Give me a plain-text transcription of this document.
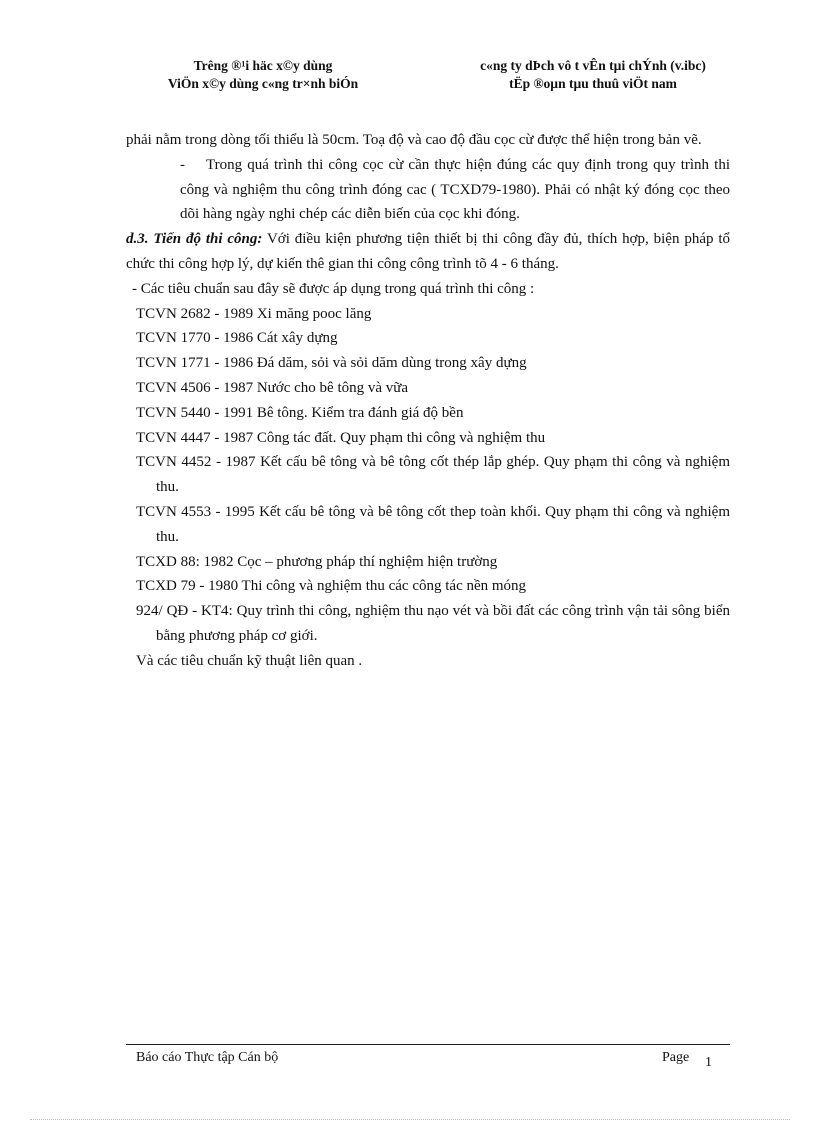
Trêng ®¹i häc x©y dùng
ViÖn x©y dùng c«ng tr×nh biÓn
c«ng ty dÞch vô t vÊn tµi chÝnh (v.ibc)
tËp ®oµn tµu thuû viÖt nam

phải nằm trong dòng tối thiểu là 50cm. Toạ độ và cao độ đầu cọc cừ được thể hiện trong bản vẽ.

-	Trong quá trình thi công cọc cừ cần thực hiện đúng các quy định trong quy trình thi công và nghiệm thu công trình đóng cac ( TCXD79-1980). Phải có nhật ký đóng cọc theo dõi hàng ngày nghi chép các diễn biến của cọc khi đóng.

d.3. Tiến độ thi công: Với điều kiện phương tiện thiết bị thi công đầy đủ, thích hợp, biện pháp tổ chức thi công hợp lý, dự kiến thê gian thi công công trình tõ 4 - 6 tháng.

- Các tiêu chuẩn sau đây sẽ được áp dụng trong quá trình thi công :

TCVN 2682 - 1989 Xi măng pooc lăng

TCVN 1770 - 1986 Cát xây dựng

TCVN 1771 - 1986 Đá dăm, sỏi và sỏi dăm dùng trong xây dựng

TCVN 4506 - 1987 Nước cho bê tông và vữa

TCVN 5440 - 1991 Bê tông. Kiểm tra đánh giá độ bền

TCVN 4447 - 1987 Công tác đất. Quy phạm thi công và nghiệm thu

TCVN 4452 - 1987 Kết cấu bê tông và bê tông cốt thép lắp ghép. Quy phạm thi công và nghiệm thu.

TCVN 4553 - 1995 Kết cấu bê tông và bê tông cốt thep toàn khối. Quy phạm thi công và nghiệm thu.

TCXD 88: 1982 Cọc – phương pháp thí nghiệm hiện trường

TCXD 79 - 1980 Thi công và nghiệm thu các công tác nền móng

924/ QĐ - KT4: Quy trình thi công, nghiệm thu nạo vét và bồi đất các công trình vận tải sông biển bằng phương pháp cơ giới.

Và các tiêu chuẩn kỹ thuật liên quan .

Báo cáo Thực tập Cán bộ	Page 1
